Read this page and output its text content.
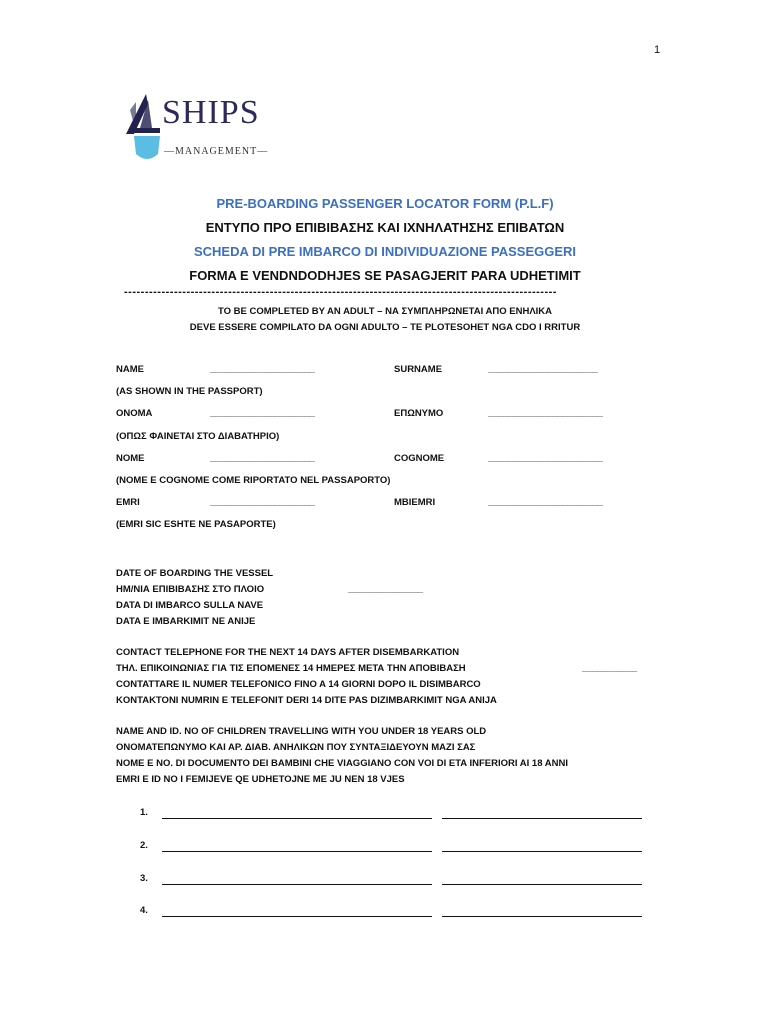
1
SHIPS
—MANAGEMENT—
PRE-BOARDING PASSENGER LOCATOR FORM (P.L.F)
ΕΝΤΥΠΟ ΠΡΟ ΕΠΙΒΙΒΑΣΗΣ ΚΑΙ ΙΧΝΗΛΑΤΗΣΗΣ ΕΠΙΒΑΤΩΝ
SCHEDA DI PRE IMBARCO DI INDIVIDUAZIONE PASSEGGERI
FORMA E VENDNDODHJES SE PASAGJERIT PARA UDHETIMIT
--------------------------------------------------------------------------------------------------------
TO BE COMPLETED BY AN ADULT – ΝΑ ΣΥΜΠΛΗΡΩΝΕΤΑΙ ΑΠΟ ΕΝΗΛΙΚΑ
DEVE ESSERE COMPILATO DA OGNI ADULTO – TE PLOTESOHET NGA CDO I RRITUR
NAME	_____________________	SURNAME	______________________
(AS SHOWN IN THE PASSPORT)
ΟΝΟΜΑ	_____________________	ΕΠΩΝΥΜΟ	_______________________
(ΟΠΩΣ ΦΑΙΝΕΤΑΙ ΣΤΟ ΔΙΑΒΑΤΗΡΙΟ)
NOME	_____________________	COGNOME	_______________________
(NOME E COGNOME COME RIPORTATO NEL PASSAPORTO)
EMRI	_____________________	MBIEMRI	_______________________
(EMRI SIC ESHTE NE PASAPORTE)
DATE OF BOARDING THE VESSEL
ΗΜ/ΝΙΑ ΕΠΙΒΙΒΑΣΗΣ ΣΤΟ ΠΛΟΙΟ
DATA DI IMBARCO SULLA NAVE
DATA E IMBARKIMIT NE ANIJE
_______________
CONTACT TELEPHONE FOR THE NEXT 14 DAYS AFTER DISEMBARKATION
ΤΗΛ. ΕΠΙΚΟΙΝΩΝΙΑΣ ΓΙΑ ΤΙΣ ΕΠΟΜΕΝΕΣ 14 ΗΜΕΡΕΣ ΜΕΤΑ ΤΗΝ ΑΠΟΒΙΒΑΣΗ
CONTATTARE IL NUMER TELEFONICO FINO A 14 GIORNI DOPO IL DISIMBARCO
KONTAKTONI NUMRIN E TELEFONIT DERI 14 DITE PAS DIZIMBARKIMIT NGA ANIJA
___________
NAME AND ID. NO OF CHILDREN TRAVELLING WITH YOU UNDER 18 YEARS OLD
ΟΝΟΜΑΤΕΠΩΝΥΜΟ ΚΑΙ ΑΡ. ΔΙΑΒ. ΑΝΗΛΙΚΩΝ ΠΟΥ ΣΥΝΤΑΞΙΔΕΥΟΥΝ ΜΑΖΙ ΣΑΣ
NOME E NO. DI DOCUMENTO DEI BAMBINI CHE VIAGGIANO CON VOI DI ETA INFERIORI AI 18 ANNI
EMRI E ID NO I FEMIJEVE QE UDHETOJNE ME JU NEN 18 VJES
1.
2.
3.
4.
